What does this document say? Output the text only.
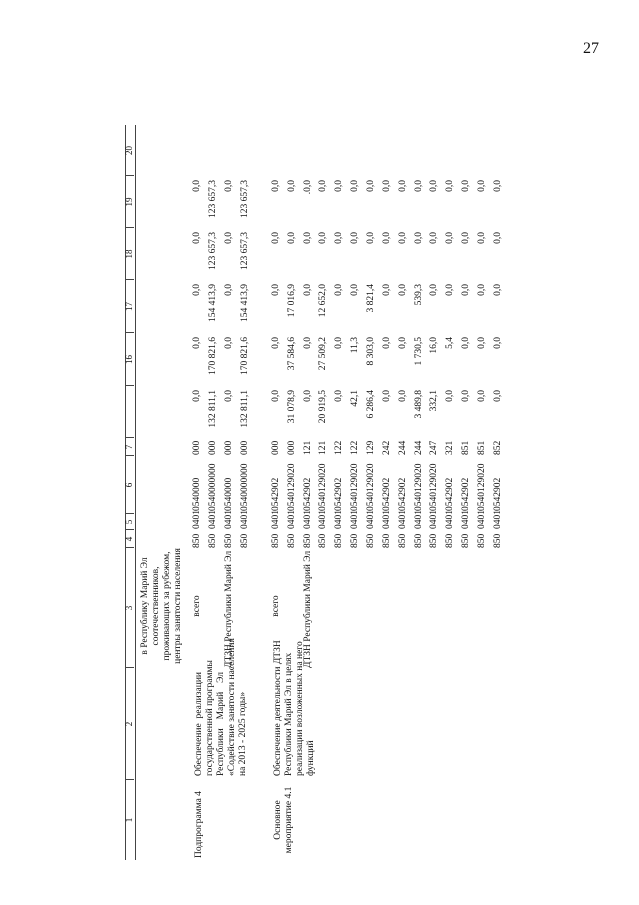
27
1
2
3
4
5
6
7
16
17
18
19
20
в Республику Марий Эл соотечественников, проживающих за рубежом, центры занятости населения
Подпрограмма 4
Обеспечение реализации государственной программы Республики Марий Эл «Содействие занятости населения на 2013 - 2025 годы»
всего
850
0401
0540000
000
0,0
0,0
0,0
0,0
0,0
850
0401
0540000000
000
132 811,1
170 821,6
154 413,9
123 657,3
123 657,3
ДТЗН Республики Марий Эл
850
0401
0540000
000
0,0
0,0
0,0
0,0
0,0
850
0401
0540000000
000
132 811,1
170 821,6
154 413,9
123 657,3
123 657,3
Основное мероприятие 4.1
Обеспечение деятельности ДТЗН Республики Марий Эл в целях реализации возложенных на него функций
всего
850
0401
0542902
000
0,0
0,0
0,0
0,0
0,0
850
0401
0540129020
000
31 078,9
37 584,6
17 016,9
0,0
0,0
ДТЗН Республики Марий Эл
850
0401
0542902
121
0,0
0,0
0,0
0,0
.0,0
850
0401
0540129020
121
20 919,5
27 509,2
12 652,0
0,0
0,0
850
0401
0542902
122
0,0
0,0
0,0
0,0
0,0
850
0401
0540129020
122
42,1
11,3
0,0
0,0
0,0
850
0401
0540129020
129
6 286,4
8 303,0
3 821,4
0,0
0,0
850
0401
0542902
242
0,0
0,0
0,0
0,0
0,0
850
0401
0542902
244
0,0
0,0
0,0
0,0
0,0
850
0401
0540129020
244
3 489,8
1 730,5
539,3
0,0
0,0
850
0401
0540129020
247
332,1
16,0
0,0
0,0
0,0
850
0401
0542902
321
0,0
5,4
0,0
0,0
0,0
850
0401
0542902
851
0,0
0,0
0,0
0,0
0,0
850
0401
0540129020
851
0,0
0,0
0,0
0,0
0,0
850
0401
0542902
852
0,0
0,0
0,0
0,0
0,0
